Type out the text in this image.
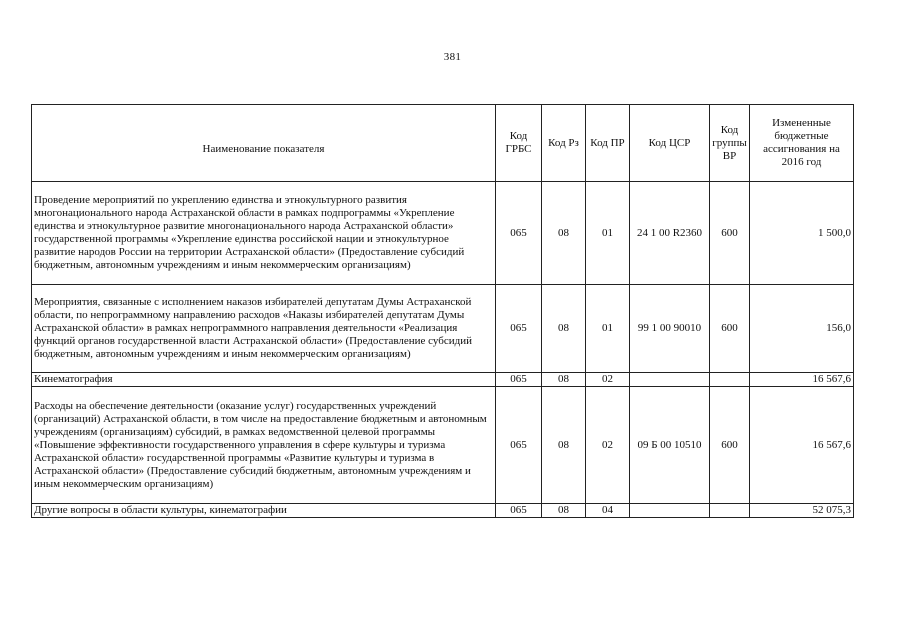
381
Наименование показателя	Код ГРБС	Код Рз	Код ПР	Код ЦСР	Код группы ВР	Измененные бюджетные ассигнования на 2016 год
Проведение мероприятий по укреплению единства и этнокультурного развития многонационального народа Астраханской области в рамках подпрограммы «Укрепление единства и этнокультурное развитие многонационального народа Астраханской области» государственной программы «Укрепление единства российской нации и этнокультурное развитие народов России на территории Астраханской области» (Предоставление субсидий бюджетным, автономным учреждениям и иным некоммерческим организациям)	065	08	01	24 1 00 R2360	600	1 500,0
Мероприятия, связанные с исполнением наказов избирателей депутатам Думы Астраханской области, по непрограммному направлению расходов «Наказы избирателей депутатам Думы Астраханской области» в рамках непрограммного направления деятельности «Реализация функций органов государственной власти Астраханской области» (Предоставление субсидий бюджетным, автономным учреждениям и иным некоммерческим организациям)	065	08	01	99 1 00 90010	600	156,0
Кинематография	065	08	02			16 567,6
Расходы на обеспечение деятельности (оказание услуг) государственных учреждений (организаций) Астраханской области, в том числе на предоставление бюджетным и автономным учреждениям (организациям) субсидий, в рамках ведомственной целевой программы «Повышение эффективности государственного управления в сфере культуры и туризма Астраханской области» государственной программы «Развитие культуры и туризма в Астраханской области» (Предоставление субсидий бюджетным, автономным учреждениям и иным некоммерческим организациям)	065	08	02	09 Б 00 10510	600	16 567,6
Другие вопросы в области культуры, кинематографии	065	08	04			52 075,3
